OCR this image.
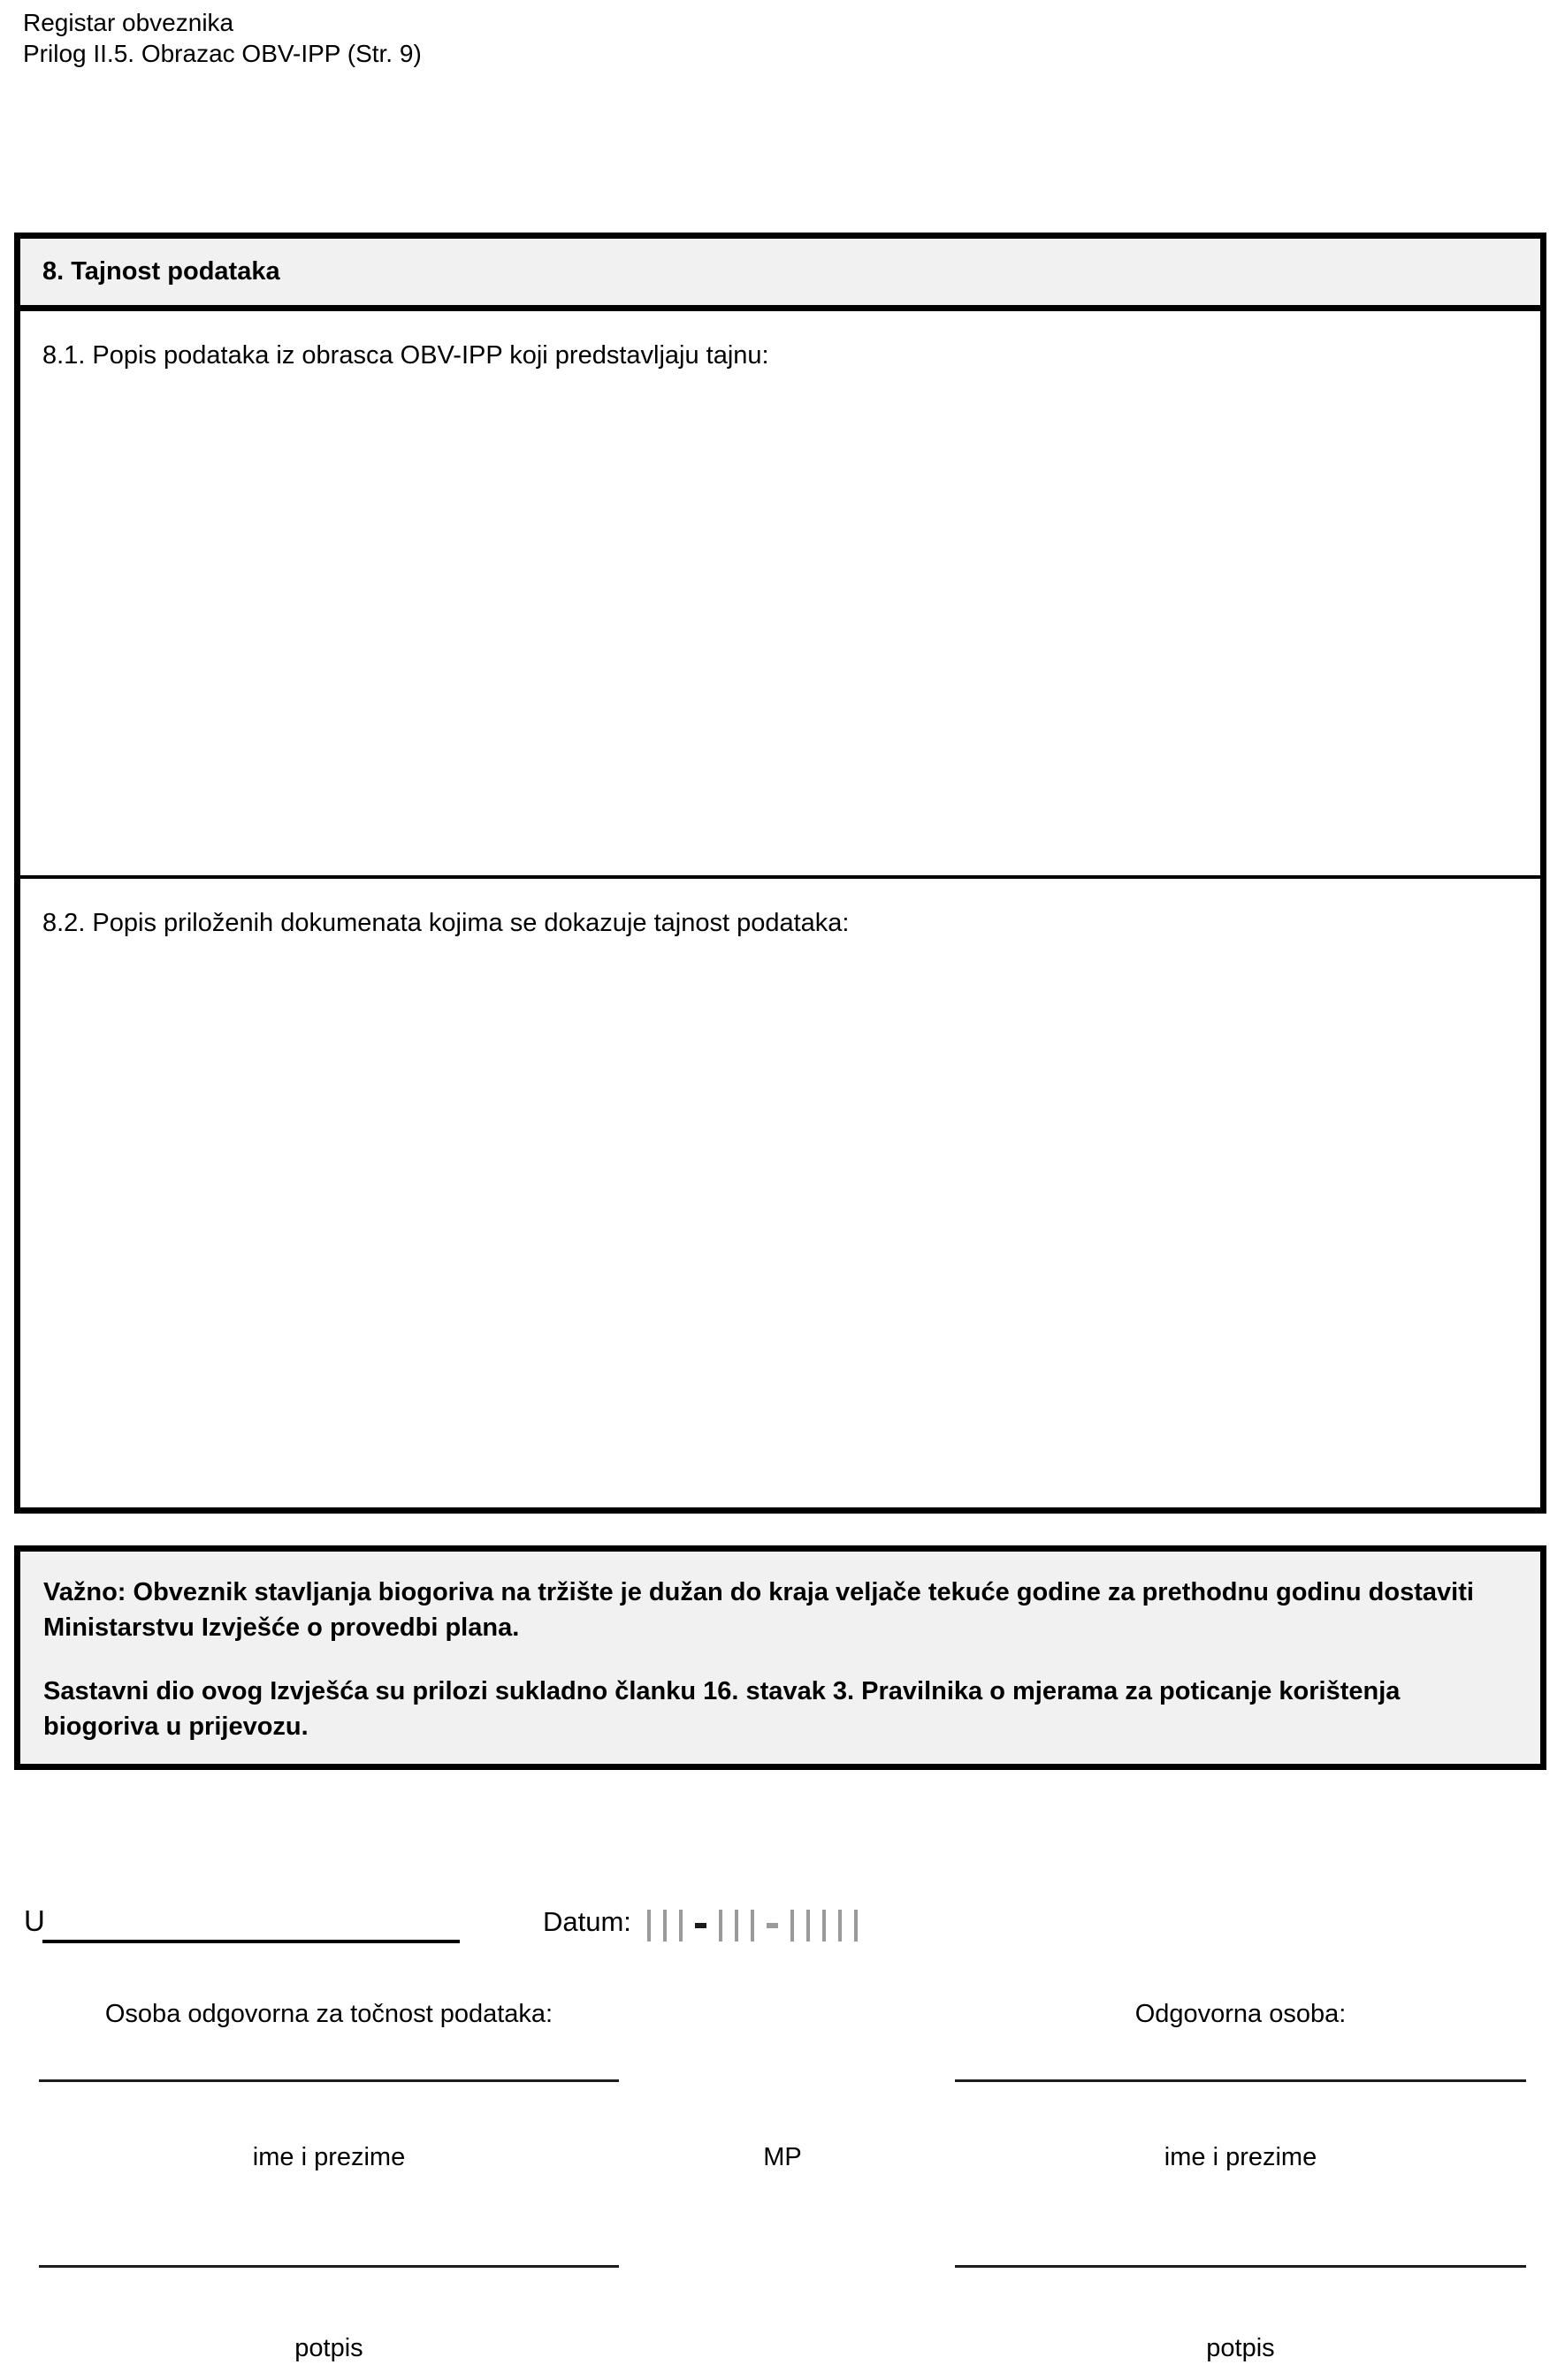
Registar obveznika
Prilog II.5. Obrazac OBV-IPP (Str. 9)
8. Tajnost podataka
8.1. Popis podataka iz obrasca OBV-IPP koji predstavljaju tajnu:
8.2. Popis priloženih dokumenata kojima se dokazuje tajnost podataka:

Važno: Obveznik stavljanja biogoriva na tržište je dužan do kraja veljače tekuće godine za prethodnu godinu dostaviti Ministarstvu Izvješće o provedbi plana.

Sastavni dio ovog Izvješća su prilozi sukladno članku 16. stavak 3. Pravilnika o mjerama za poticanje korištenja biogoriva u prijevozu.

U	Datum:
Osoba odgovorna za točnost podataka:	Odgovorna osoba:
ime i prezime	MP	ime i prezime
potpis	potpis
